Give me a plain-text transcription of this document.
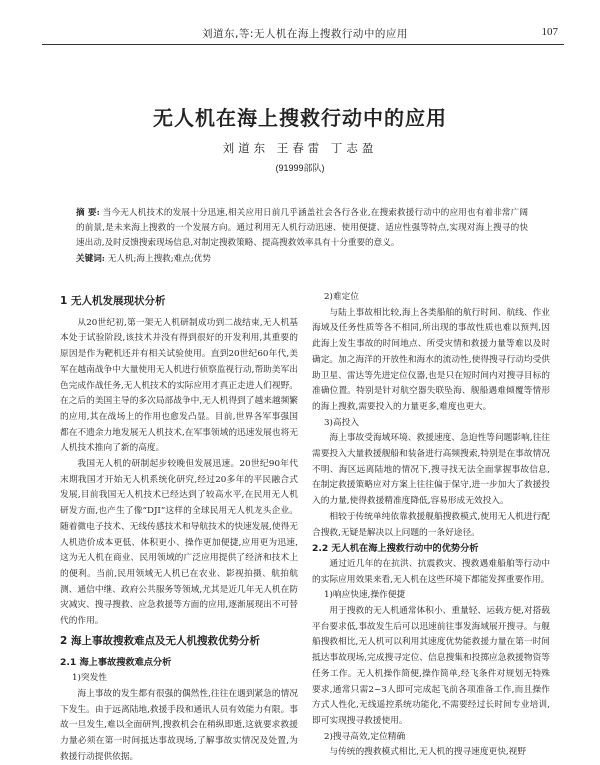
刘道东,等:无人机在海上搜救行动中的应用	107
无人机在海上搜救行动中的应用
刘道东 王春雷 丁志盈
(91999部队)
摘 要: 当今无人机技术的发展十分迅速,相关应用日前几乎涵盖社会各行各业,在搜索救援行动中的应用也有着非常广阔的前景,是未来海上搜救的一个发展方向。通过利用无人机行动迅速、使用便捷、适应性强等特点,实现对海上搜寻的快速出动,及时反馈搜索现场信息,对制定搜救策略、提高搜救效率具有十分重要的意义。
关键词: 无人机;海上搜救;难点;优势
1 无人机发展现状分析

从20世纪初,第一架无人机研制成功到二战结束,无人机基本处于试验阶段,该技术并没有得到很好的开发利用,其重要的原因是作为靶机还并有相关试验使用。直到20世纪60年代,美军在越南战争中大量使用无人机进行侦察监视行动,帮助美军出色完成作战任务,无人机技术的实际应用才真正走进人们视野。在之后的美国主导的多次局部战争中,无人机得到了越来越频繁的应用,其在战场上的作用也愈发凸显。目前,世界各军事强国都在不遗余力地发展无人机技术,在军事领域的迅速发展也将无人机技术推向了新的高度。

我国无人机的研制起步较晚但发展迅速。20世纪90年代末期我国才开始无人机系统化研究,经过20多年的平民融合式发展,目前我国无人机技术已经达到了较高水平,在民用无人机研发方面,也产生了像“DJI”这样的全球民用无人机龙头企业。随着微电子技术、无线传感技术和导航技术的快速发展,使得无人机造价成本更低、体积更小、操作更加便捷,应用更为迅速,这为无人机在商业、民用领域的广泛应用提供了经济和技术上的便利。当前,民用领域无人机已在农业、影视拍摄、航拍航测、通信中继、政府公共服务等领域,尤其是近几年无人机在防灾减灾、搜寻搜救、应急救援等方面的应用,逐渐展现出不可替代的作用。

2 海上事故搜救难点及无人机搜救优势分析
2.1 海上事故搜救难点分析

1)突发性

海上事故的发生都有很强的偶然性,往往在遇到紧急的情况下发生。由于远离陆地,救援手段和通讯人员有效能力有限。事故一旦发生,难以全面研判,搜救机会在稍纵即逝,这就要求救援力量必须在第一时间抵达事故现场,了解事故实情况及处置,为救援行动提供依据。

2)难定位

与陆上事故相比较,海上各类船舶的航行时间、航线、作业海域及任务性质等各不相同,所出现的事故性质也难以预判,因此海上发生事故的时间地点、所受灾情和救援力量等难以及时确定。加之海洋的开放性和海水的流动性,使得搜寻行动均受供助卫星、雷达等先进定位仪器,也是只在短时间内对搜寻目标的准确位置。特别是针对航空器失联坠海、舰船遇难倾覆等情形的海上搜救,需要投入的力量更多,难度也更大。

3)高投入

海上事故受海域环境、救援速度、急迫性等问题影响,往往需要投入大量救援舰船和装备进行高频搜索,特别是在事故情况不明、海区远离陆地的情况下,搜寻找无法全面掌握事故信息,在制定救援策略应对方案上往往偏于保守,进一步加大了救援投入的力量,使得救援精准度降低,容易形成无效投入。

相较于传统单纯依靠救援舰船搜救模式,使用无人机进行配合搜救,无疑是解决以上问题的一条好途径。

2.2 无人机在海上搜救行动中的优势分析

通过近几年的在抗洪、抗震救灾、搜救遇难船舶等行动中的实际应用效果来看,无人机在这些环境下都能发挥重要作用。

1)响应快速,操作便捷

用于搜救的无人机通常体积小、重量轻、运载方便,对搭载平台要求低,事故发生后可以迅速前往事发海域展开搜寻。与舰船搜救相比,无人机可以利用其速度优势能救援力量在第一时间抵达事故现场,完成搜寻定位、信息搜集和投掷应急救援物资等任务工作。无人机操作简便,操作简单,经飞条件对规划无特殊要求,通常只需2~3人即可完成起飞前各项准备工作,而且操作方式人性化,无线遥控系统功能化,不需要经过长时间专业培训,即可实现搜寻救援使用。

2)搜寻高效,定位精确

与传统的搜救模式相比,无人机的搜寻速度更快,视野
